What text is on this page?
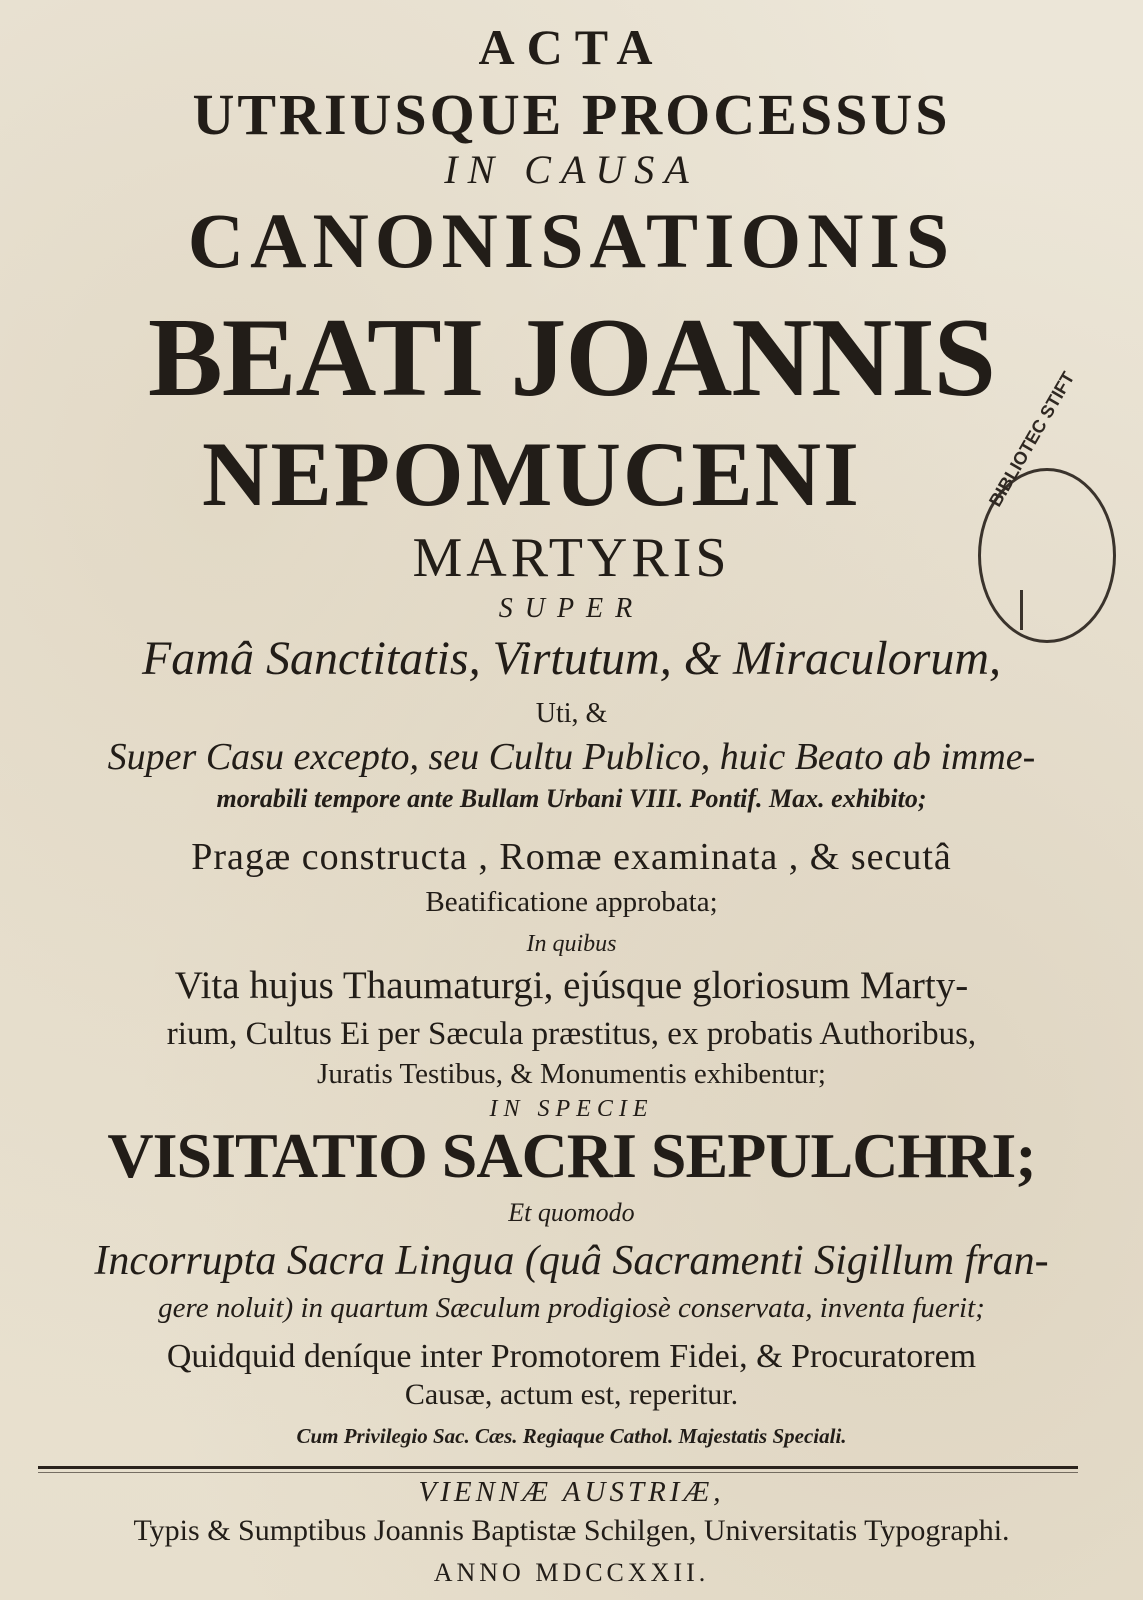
ACTA
UTRIUSQUE PROCESSUS
IN CAUSA
CANONISATIONIS
BEATI JOANNIS
NEPOMUCENI
MARTYRIS
SUPER
Famâ Sanctitatis, Virtutum, & Miraculorum,
Uti, &
Super Casu excepto, seu Cultu Publico, huic Beato ab imme-
morabili tempore ante Bullam Urbani VIII. Pontif. Max. exhibito;
Pragæ constructa , Romæ examinata , & secutâ
Beatificatione approbata;
In quibus
Vita hujus Thaumaturgi, ejúsque gloriosum Marty-
rium, Cultus Ei per Sæcula præstitus, ex probatis Authoribus,
Juratis Testibus, & Monumentis exhibentur;
IN SPECIE
VISITATIO SACRI SEPULCHRI;
Et quomodo
Incorrupta Sacra Lingua (quâ Sacramenti Sigillum fran-
gere noluit) in quartum Sæculum prodigiosè conservata, inventa fuerit;
Quidquid deníque inter Promotorem Fidei, & Procuratorem
Causæ, actum est, reperitur.
Cum Privilegio Sac. Cæs. Regiaque Cathol. Majestatis Speciali.
VIENNÆ AUSTRIÆ,
Typis & Sumptibus Joannis Baptistæ Schilgen, Universitatis Typographi.
ANNO MDCCXXII.
BIBLIOTEC STIFT
